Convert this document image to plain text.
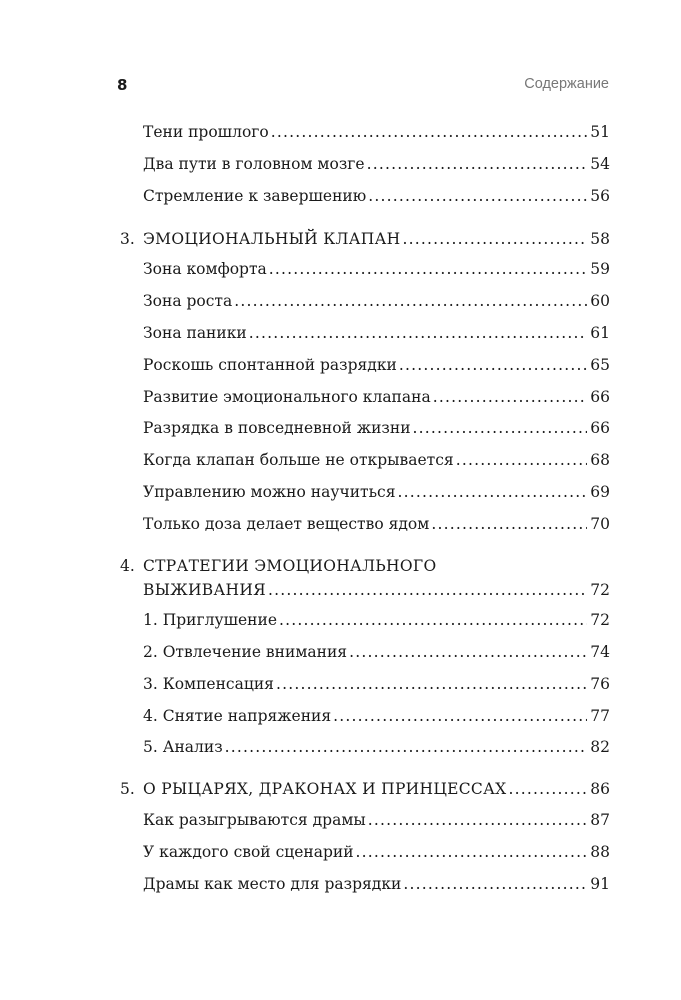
8	Содержание
Тени прошлого .....	51
Два пути в головном мозге .....	54
Стремление к завершению .....	56
3. ЭМОЦИОНАЛЬНЫЙ КЛАПАН .....	58
Зона комфорта .....	59
Зона роста .....	60
Зона паники .....	61
Роскошь спонтанной разрядки .....	65
Развитие эмоционального клапана .....	66
Разрядка в повседневной жизни .....	66
Когда клапан больше не открывается .....	68
Управлению можно научиться .....	69
Только доза делает вещество ядом .....	70
4. СТРАТЕГИИ ЭМОЦИОНАЛЬНОГО
ВЫЖИВАНИЯ .....	72
1. Приглушение .....	72
2. Отвлечение внимания .....	74
3. Компенсация .....	76
4. Снятие напряжения .....	77
5. Анализ .....	82
5. О РЫЦАРЯХ, ДРАКОНАХ И ПРИНЦЕССАХ .....	86
Как разыгрываются драмы .....	87
У каждого свой сценарий .....	88
Драмы как место для разрядки .....	91
